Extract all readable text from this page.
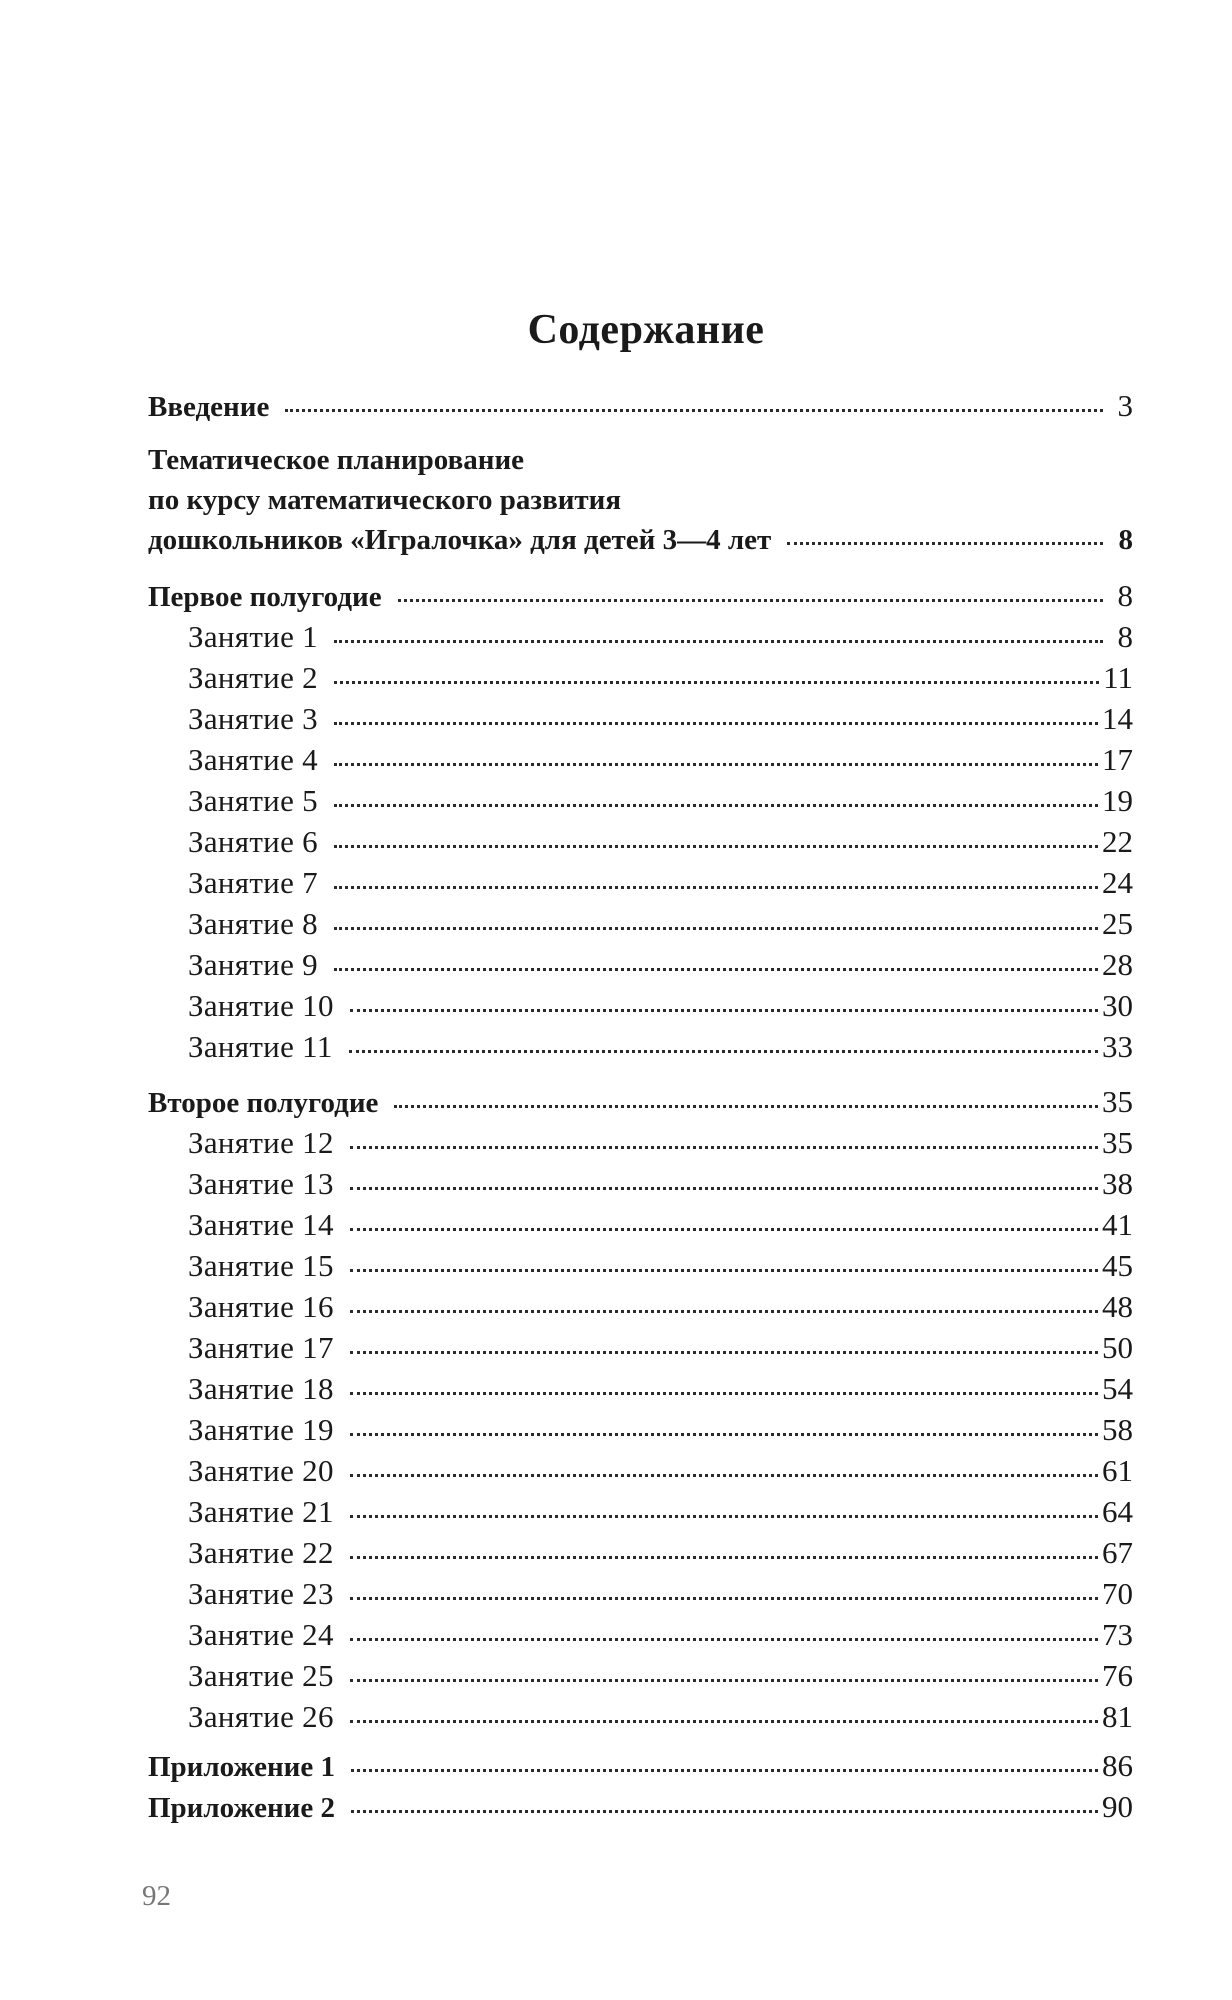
Содержание
Введение	3
Тематическое планирование
по курсу математического развития
дошкольников «Игралочка» для детей 3—4 лет	8
Первое полугодие	8
Занятие 1	8
Занятие 2	11
Занятие 3	14
Занятие 4	17
Занятие 5	19
Занятие 6	22
Занятие 7	24
Занятие 8	25
Занятие 9	28
Занятие 10	30
Занятие 11	33
Второе полугодие	35
Занятие 12	35
Занятие 13	38
Занятие 14	41
Занятие 15	45
Занятие 16	48
Занятие 17	50
Занятие 18	54
Занятие 19	58
Занятие 20	61
Занятие 21	64
Занятие 22	67
Занятие 23	70
Занятие 24	73
Занятие 25	76
Занятие 26	81
Приложение 1	86
Приложение 2	90
92
